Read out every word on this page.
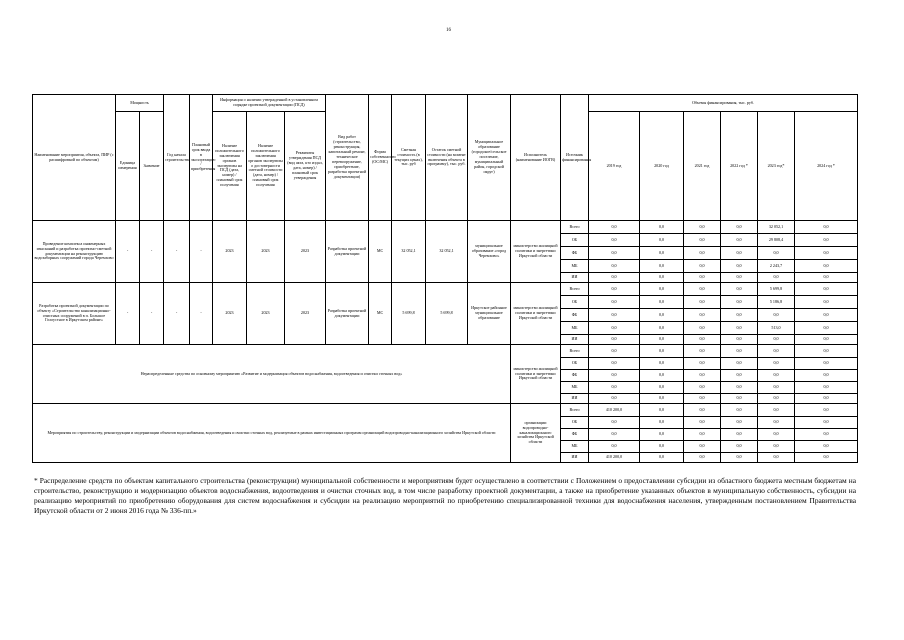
16
Наименование мероприятия, объекта, ПИР (с расшифровкой по объектам)	Мощность		Год начала строительства	Плановый срок ввода в эксплуатацию / приобретения	Информация о наличии утвержденной в установленном порядке проектной документации (ПСД)			Вид работ (строительство, реконструкция, капитальный ремонт, техническое перевооружение, приобретение, разработка проектной документации)	Форма собственности (ОС/МС)	Сметная стоимость (в текущих ценах), тыс. руб	Остаток сметной стоимости (на момент включения объекта в программу), тыс. руб.	Муниципальное образование (городское/сельское поселение, муниципальный район, городской округ)	Исполнитель (наименование ИОГВ)	Источник финансирования	Объемы финансирования, тыс. руб.					
	Единица измерения	Значение			Наличие положительного заключения органов экспертизы на ПСД (дата, номер) / плановый срок получения	Наличие положительного заключения органов экспертизы о достоверности сметной стоимости (дата, номер) / плановый срок получения	Реквизиты утверждения ПСД (вид акта, кто издал, дата, номер) / плановый срок утверждения								2019 год	2020 год	2021 год	2022 год *	2023 год*	2024 год *

Проведение комплекса инженерных изысканий и разработка проектно-сметной документации на реконструкцию водозаборных сооружений города Черемхово	-	-	-	-	2023	2023	2023	Разработка проектной документации	МС	32 052,1	32 052,1	муниципальное образование «город Черемхово»	министерство жилищной политики и энергетики Иркутской области	Всего	0,0	0,0	0,0	0,0	32 052,1	0,0
														ОБ	0,0	0,0	0,0	0,0	29 808,4	0,0
														ФБ	0,0	0,0	0,0	0,0	0,0	0,0
														МБ	0,0	0,0	0,0	0,0	2 243,7	0,0
														ИИ	0,0	0,0	0,0	0,0	0,0	0,0
Разработка проектной документации по объекту «Строительство канализационно-очистных сооружений в п. Большое Голоустное в Иркутском районе»	-	-	-	-	2023	2023	2023	Разработка проектной документации	МС	5 699,8	5 699,8	Иркутское районное муниципальное образование	министерство жилищной политики и энергетики Иркутской области	Всего	0,0	0,0	0,0	0,0	5 699,8	0,0
														ОБ	0,0	0,0	0,0	0,0	5 186,8	0,0
														ФБ	0,0	0,0	0,0	0,0	0,0	0,0
														МБ	0,0	0,0	0,0	0,0	513,0	0,0
														ИИ	0,0	0,0	0,0	0,0	0,0	0,0
Нераспределенные средства по основному мероприятию «Развитие и модернизация объектов водоснабжения, водоотведения и очистки сточных вод»													министерство жилищной политики и энергетики Иркутской области	Всего	0,0	0,0	0,0	0,0	0,0	0,0
														ОБ	0,0	0,0	0,0	0,0	0,0	0,0
														ФБ	0,0	0,0	0,0	0,0	0,0	0,0
														МБ	0,0	0,0	0,0	0,0	0,0	0,0
														ИИ	0,0	0,0	0,0	0,0	0,0	0,0
Мероприятия по строительству, реконструкции и модернизации объектов водоснабжения, водоотведения и очистки сточных вод, реализуемые в рамках инвестиционных программ организаций водопроводно-канализационного хозяйства Иркутской области													организации водопроводно-канализационного хозяйства Иркутской области	Всего	410 200,0	0,0	0,0	0,0	0,0	0,0
														ОБ	0,0	0,0	0,0	0,0	0,0	0,0
														ФБ	0,0	0,0	0,0	0,0	0,0	0,0
														МБ	0,0	0,0	0,0	0,0	0,0	0,0
														ИИ	410 200,0	0,0	0,0	0,0	0,0	0,0
* Распределение средств по объектам капитального строительства (реконструкции) муниципальной собственности и мероприятиям будет осуществлено в соответствии с Положением о предоставлении субсидии из областного бюджета местным бюджетам на строительство, реконструкцию и модернизацию объектов водоснабжения, водоотведения и очистки сточных вод, в том числе разработку проектной документации, а также на приобретение указанных объектов в муниципальную собственность, субсидии на реализацию мероприятий по приобретению оборудования для систем водоснабжения и субсидии на реализацию мероприятий по приобретению специализированной техники для водоснабжения населения, утвержденным постановлением Правительства Иркутской области от 2 июня 2016 года № 336-пп.»
